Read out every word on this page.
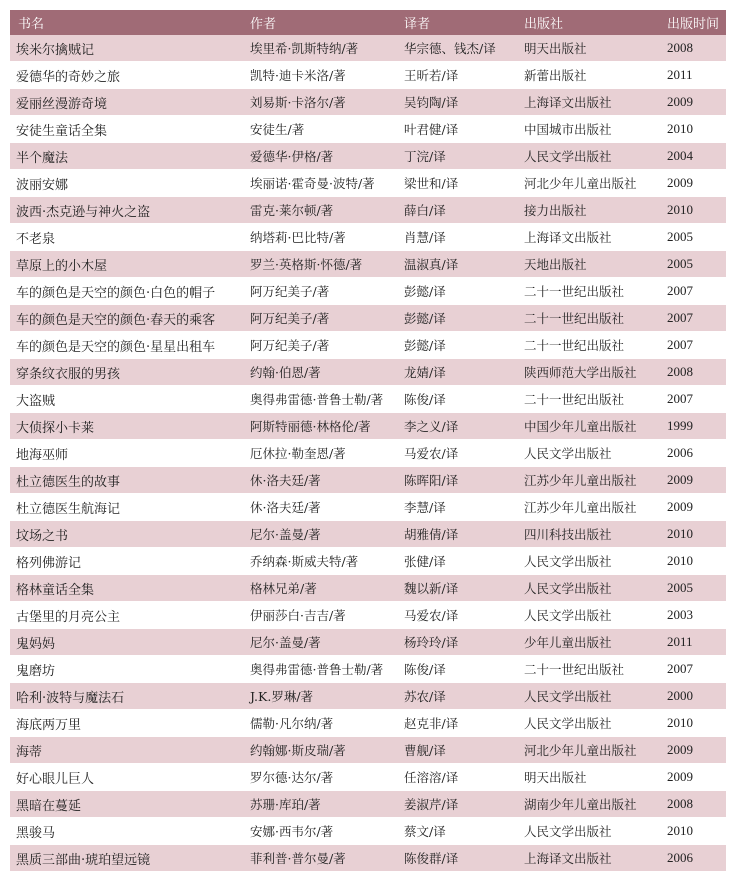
书名	作者	译者	出版社	出版时间
埃米尔擒贼记	埃里希·凯斯特纳/著	华宗德、钱杰/译	明天出版社	2008
爱德华的奇妙之旅	凯特·迪卡米洛/著	王昕若/译	新蕾出版社	2011
爱丽丝漫游奇境	刘易斯·卡洛尔/著	吴钧陶/译	上海译文出版社	2009
安徒生童话全集	安徒生/著	叶君健/译	中国城市出版社	2010
半个魔法	爱德华·伊格/著	丁浣/译	人民文学出版社	2004
波丽安娜	埃丽诺·霍奇曼·波特/著	梁世和/译	河北少年儿童出版社	2009
波西·杰克逊与神火之盗	雷克·莱尔顿/著	薛白/译	接力出版社	2010
不老泉	纳塔莉·巴比特/著	肖慧/译	上海译文出版社	2005
草原上的小木屋	罗兰·英格斯·怀德/著	温淑真/译	天地出版社	2005
车的颜色是天空的颜色·白色的帽子	阿万纪美子/著	彭懿/译	二十一世纪出版社	2007
车的颜色是天空的颜色·春天的乘客	阿万纪美子/著	彭懿/译	二十一世纪出版社	2007
车的颜色是天空的颜色·星星出租车	阿万纪美子/著	彭懿/译	二十一世纪出版社	2007
穿条纹衣服的男孩	约翰·伯恩/著	龙婧/译	陕西师范大学出版社	2008
大盗贼	奥得弗雷德·普鲁士勒/著	陈俊/译	二十一世纪出版社	2007
大侦探小卡莱	阿斯特丽德·林格伦/著	李之义/译	中国少年儿童出版社	1999
地海巫师	厄休拉·勒奎恩/著	马爱农/译	人民文学出版社	2006
杜立德医生的故事	休·洛夫廷/著	陈晖阳/译	江苏少年儿童出版社	2009
杜立德医生航海记	休·洛夫廷/著	李慧/译	江苏少年儿童出版社	2009
坟场之书	尼尔·盖曼/著	胡雅倩/译	四川科技出版社	2010
格列佛游记	乔纳森·斯威夫特/著	张健/译	人民文学出版社	2010
格林童话全集	格林兄弟/著	魏以新/译	人民文学出版社	2005
古堡里的月亮公主	伊丽莎白·吉吉/著	马爱农/译	人民文学出版社	2003
鬼妈妈	尼尔·盖曼/著	杨玲玲/译	少年儿童出版社	2011
鬼磨坊	奥得弗雷德·普鲁士勒/著	陈俊/译	二十一世纪出版社	2007
哈利·波特与魔法石	J.K.罗琳/著	苏农/译	人民文学出版社	2000
海底两万里	儒勒·凡尔纳/著	赵克非/译	人民文学出版社	2010
海蒂	约翰娜·斯皮瑞/著	曹舰/译	河北少年儿童出版社	2009
好心眼儿巨人	罗尔德·达尔/著	任溶溶/译	明天出版社	2009
黑暗在蔓延	苏珊·库珀/著	姜淑芹/译	湖南少年儿童出版社	2008
黑骏马	安娜·西韦尔/著	蔡文/译	人民文学出版社	2010
黑质三部曲·琥珀望远镜	菲利普·普尔曼/著	陈俊群/译	上海译文出版社	2006
